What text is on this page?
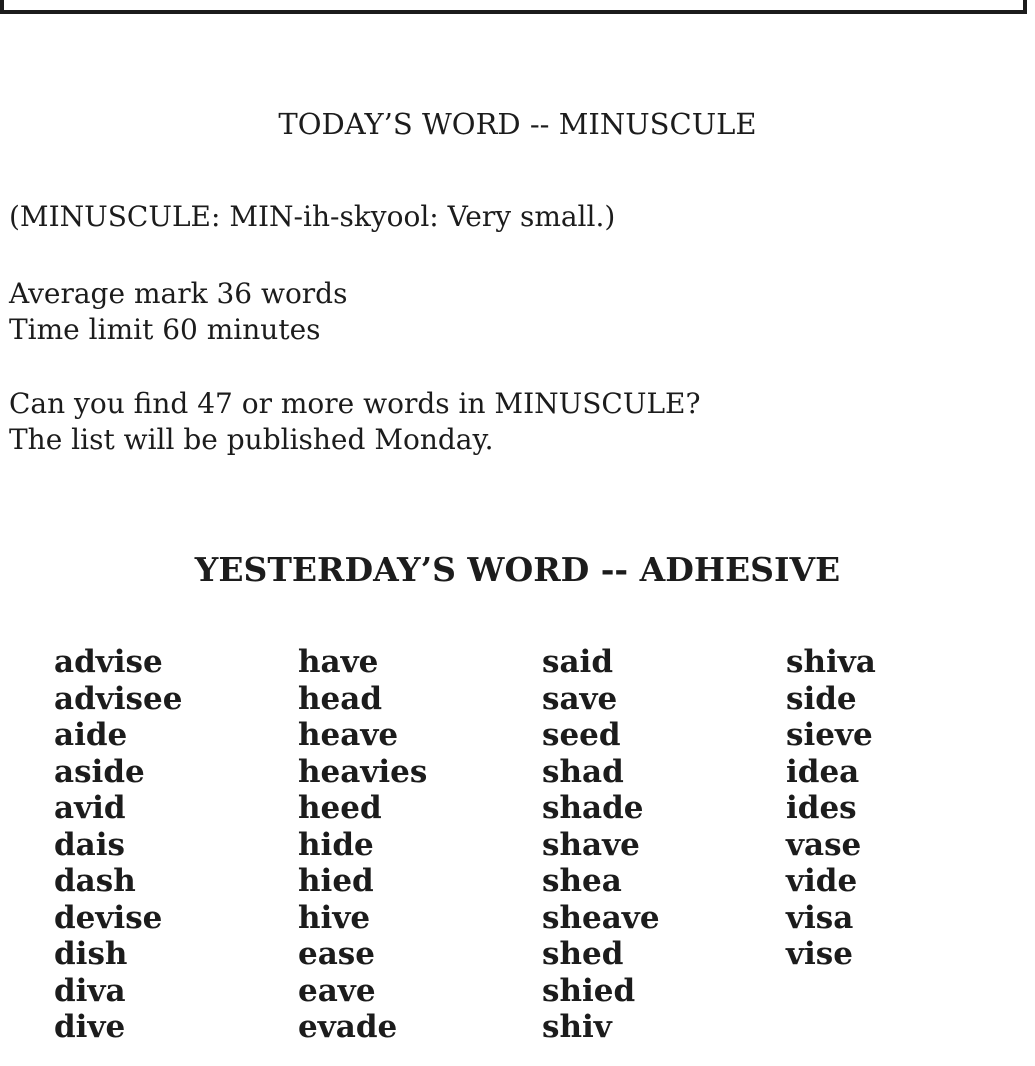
TODAY’S WORD -- MINUSCULE
(MINUSCULE: MIN-ih-skyool: Very small.)
Average mark 36 words
Time limit 60 minutes
Can you find 47 or more words in MINUSCULE?
The list will be published Monday.
YESTERDAY’S WORD -- ADHESIVE
advise
advisee
aide
aside
avid
dais
dash
devise
dish
diva
dive
have
head
heave
heavies
heed
hide
hied
hive
ease
eave
evade
said
save
seed
shad
shade
shave
shea
sheave
shed
shied
shiv
shiva
side
sieve
idea
ides
vase
vide
visa
vise
